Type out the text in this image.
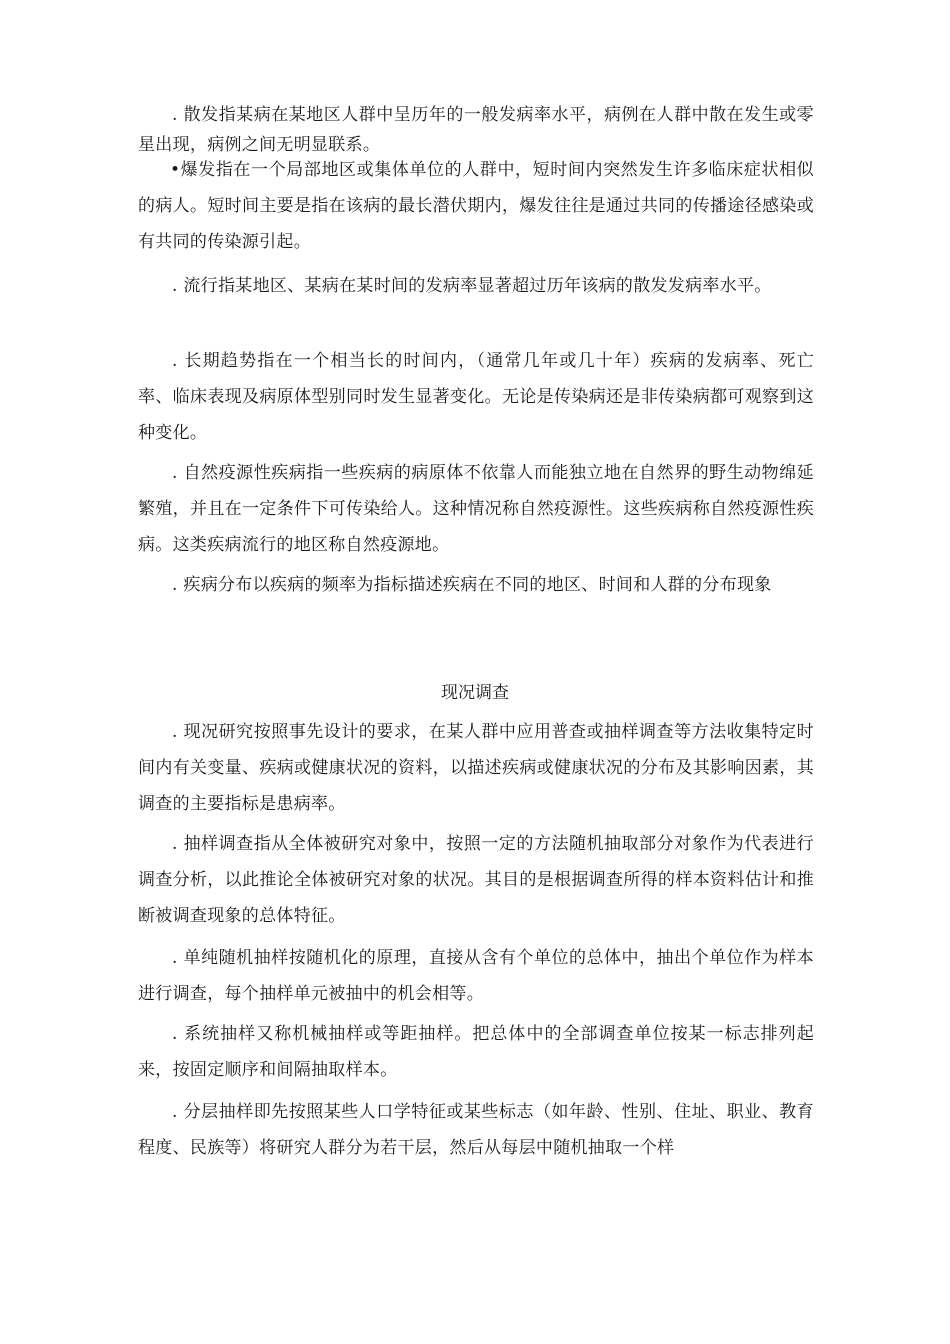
. 散发指某病在某地区人群中呈历年的一般发病率水平，病例在人群中散在发生或零星出现，病例之间无明显联系。

•爆发指在一个局部地区或集体单位的人群中，短时间内突然发生许多临床症状相似的病人。短时间主要是指在该病的最长潜伏期内，爆发往往是通过共同的传播途径感染或有共同的传染源引起。

. 流行指某地区、某病在某时间的发病率显著超过历年该病的散发发病率水平。

. 长期趋势指在一个相当长的时间内，（通常几年或几十年）疾病的发病率、死亡率、临床表现及病原体型别同时发生显著变化。无论是传染病还是非传染病都可观察到这种变化。

. 自然疫源性疾病指一些疾病的病原体不依靠人而能独立地在自然界的野生动物绵延繁殖，并且在一定条件下可传染给人。这种情况称自然疫源性。这些疾病称自然疫源性疾病。这类疾病流行的地区称自然疫源地。

. 疾病分布以疾病的频率为指标描述疾病在不同的地区、时间和人群的分布现象

现况调查

. 现况研究按照事先设计的要求，在某人群中应用普查或抽样调查等方法收集特定时间内有关变量、疾病或健康状况的资料，以描述疾病或健康状况的分布及其影响因素，其调查的主要指标是患病率。

. 抽样调查指从全体被研究对象中，按照一定的方法随机抽取部分对象作为代表进行调查分析，以此推论全体被研究对象的状况。其目的是根据调查所得的样本资料估计和推断被调查现象的总体特征。

. 单纯随机抽样按随机化的原理，直接从含有个单位的总体中，抽出个单位作为样本进行调查，每个抽样单元被抽中的机会相等。

. 系统抽样又称机械抽样或等距抽样。把总体中的全部调查单位按某一标志排列起来，按固定顺序和间隔抽取样本。

. 分层抽样即先按照某些人口学特征或某些标志（如年龄、性别、住址、职业、教育程度、民族等）将研究人群分为若干层，然后从每层中随机抽取一个样
